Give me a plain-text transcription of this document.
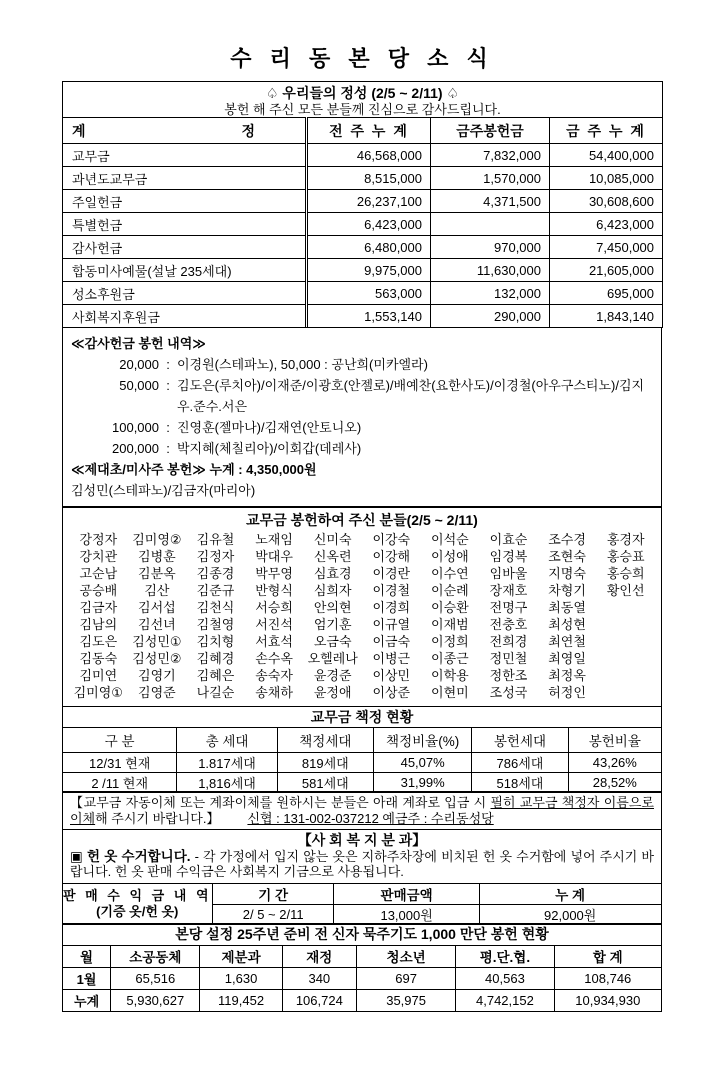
수 리 동 본 당 소 식
♤ 우리들의 정성 (2/5 ~ 2/11) ♤
봉헌 해 주신 모든 분들께 진심으로 감사드립니다.			

계 정	전 주 누 계	금주봉헌금	금 주 누 계
교무금	46,568,000	7,832,000	54,400,000
과년도교무금	8,515,000	1,570,000	10,085,000
주일헌금	26,237,100	4,371,500	30,608,600
특별헌금	6,423,000		6,423,000
감사헌금	6,480,000	970,000	7,450,000
합동미사예물(설날 235세대)	9,975,000	11,630,000	21,605,000
성소후원금	563,000	132,000	695,000
사회복지후원금	1,553,140	290,000	1,843,140
≪감사헌금 봉헌 내역≫
20,000 : 이경원(스테파노), 50,000 : 공난희(미카엘라)
50,000 : 김도은(루치아)/이재준/이광호(안젤로)/배예찬(요한사도)/이경철(아우구스티노)/김지우.준수.서은
100,000 : 진영훈(젤마나)/김재연(안토니오)
200,000 : 박지혜(체칠리아)/이회갑(데레사)
≪제대초/미사주 봉헌≫ 누계 : 4,350,000원
김성민(스테파노)/김금자(마리아)
교무금 봉헌하여 주신 분들(2/5 ~ 2/11)
강정자	김미영②	김유철	노재임	신미숙	이강숙	이석순	이효순	조수경	홍경자
강치관	김병훈	김정자	박대우	신옥련	이강해	이성애	임경복	조현숙	홍승표
고순남	김분옥	김종경	박무영	심효경	이경란	이수연	임바울	지명숙	홍승희
공승배	김산	김준규	반형식	심희자	이경철	이순례	장재호	차형기	황인선
김금자	김서섭	김천식	서승희	안의현	이경희	이승환	전명구	최동열
김남의	김선녀	김철영	서진석	엄기훈	이규열	이재범	전충호	최성현
김도은	김성민①	김치형	서효석	오금숙	이금숙	이정희	전희경	최연철
김동숙	김성민②	김혜경	손수옥	오헬레나	이병근	이종근	정민철	최영일
김미연	김영기	김혜은	송숙자	윤경준	이상민	이학용	정한조	최정옥
김미영①	김영준	나길순	송채하	윤정애	이상준	이현미	조성국	허정인
교무금 책정 현황					
구 분	총 세대	책정세대	책정비율(%)	봉헌세대	봉헌비율
12/31 현재	1.817세대	819세대	45,07%	786세대	43,26%
2 /11 현재	1,816세대	581세대	31,99%	518세대	28,52%
【교무금 자동이체 또는 계좌이체를 원하시는 분들은 아래 계좌로 입금 시 필히 교무금 책정자 이름으로 이체해 주시기 바랍니다.】 신협 : 131-002-037212 예금주 : 수리동성당
【사 회 복 지 분 과】
▣ 헌 옷 수거합니다. - 각 가정에서 입지 않는 옷은 지하주차장에 비치된 헌 옷 수거함에 넣어 주시기 바랍니다. 헌 옷 판매 수익금은 사회복지 기금으로 사용됩니다.
판 매 수 익 금 내 역
(기증 옷/헌 옷)	기 간	판매금액	누 계
	2/ 5 ~ 2/11	13,000원	92,000원
본당 설정 25주년 준비 전 신자 묵주기도 1,000 만단 봉헌 현황						
월	소공동체	제분과	재정	청소년	평.단.협.	합 계
1월	65,516	1,630	340	697	40,563	108,746
누계	5,930,627	119,452	106,724	35,975	4,742,152	10,934,930
